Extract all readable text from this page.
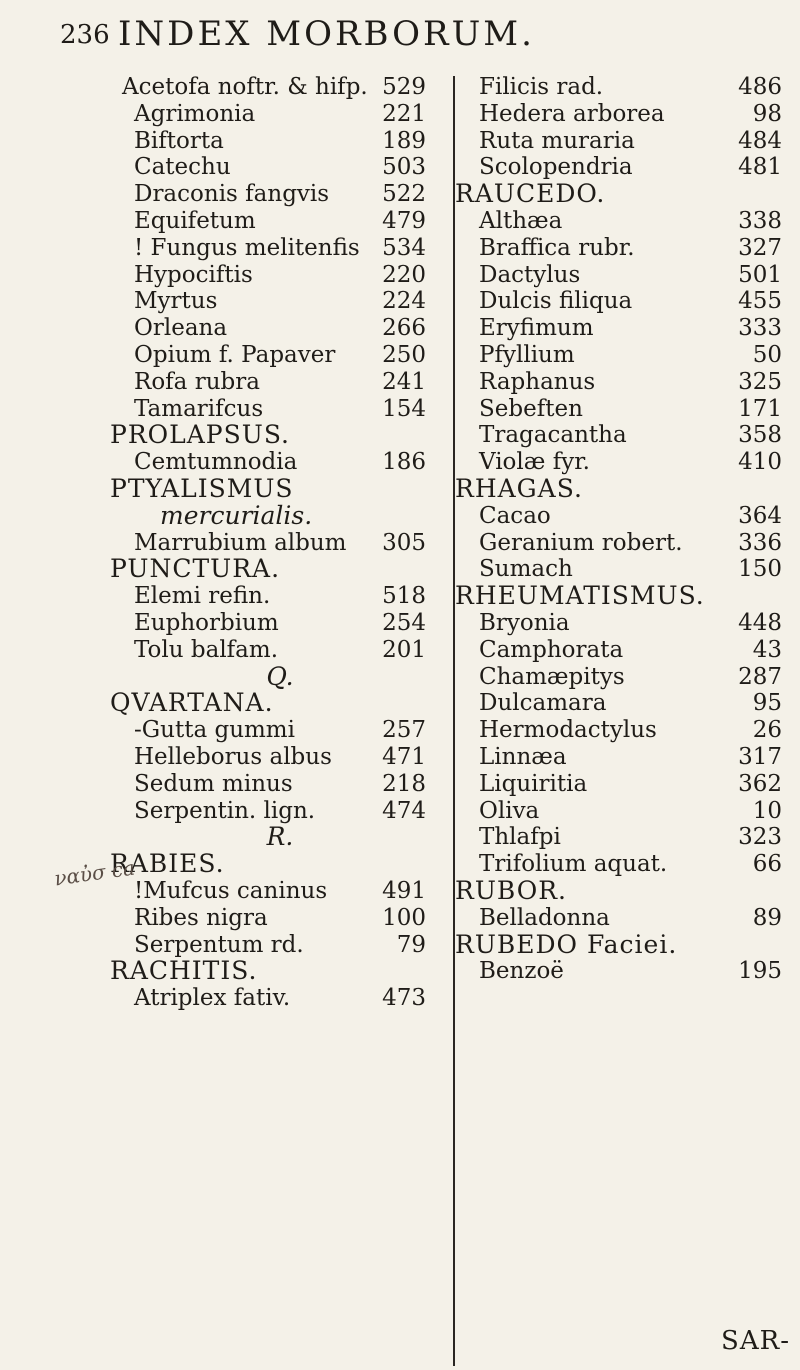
236 INDEX MORBORUM.
Acetofa noftr. & hifp. 529
Agrimonia	221
Biftorta	189
Catechu	503
Draconis fangvis 522
Equifetum	479
! Fungus melitenfis 534
Hypociftis	220
Myrtus	224
Orleana	266
Opium f. Papaver 250
Rofa rubra	241
Tamarifcus	154
PROLAPSUS.
Cemtumnodia	186
PTYALISMUS
mercurialis.
Marrubium album 305
PUNCTURA.
Elemi refin.	518
Euphorbium	254
Tolu balfam.	201
Q.
QVARTANA.
-Gutta gummi	257
Helleborus albus 471
Sedum minus	218
Serpentin. lign.	474
R.
RABIES.
!Mufcus caninus 491
Ribes nigra	100
Serpentum rd.	79
RACHITIS.
Atriplex fativ.	473
Filicis rad.	486
Hedera arborea	98
Ruta muraria	484
Scolopendria	481
RAUCEDO.
Althæa	338
Braffica rubr.	327
Dactylus	501
Dulcis filiqua	455
Eryfimum	333
Pfyllium	50
Raphanus	325
Sebeften	171
Tragacantha	358
Violæ fyr.	410
RHAGAS.
Cacao	364
Geranium robert. 336
Sumach	150
RHEUMATISMUS.
Bryonia	448
Camphorata	43
Chamæpitys	287
Dulcamara	95
Hermodactylus	26
Linnæa	317
Liquiritia	362
Oliva	10
Thlafpi	323
Trifolium aquat.	66
RUBOR.
Belladonna	89
RUBEDO Faciei.
Benzoë	195
ναὐσ ca
SAR-
